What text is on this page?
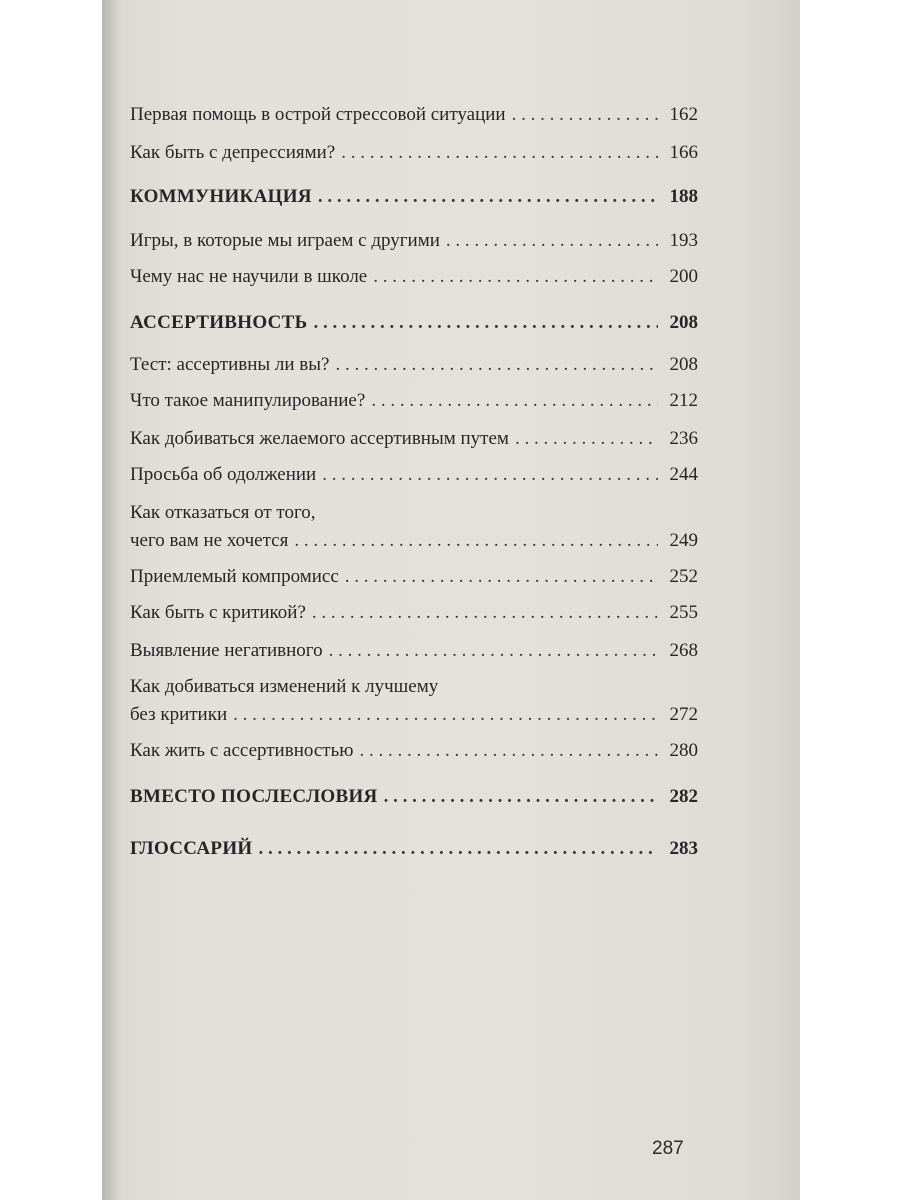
Первая помощь в острой стрессовой ситуации . . .	162
Как быть с депрессиями? . . .	166
КОММУНИКАЦИЯ . . .	188
Игры, в которые мы играем с другими . . .	193
Чему нас не научили в школе . . .	200
АССЕРТИВНОСТЬ . . .	208
Тест: ассертивны ли вы? . . .	208
Что такое манипулирование? . . .	212
Как добиваться желаемого ассертивным путем . . .	236
Просьба об одолжении . . .	244
Как отказаться от того,
чего вам не хочется . . .	249
Приемлемый компромисс . . .	252
Как быть с критикой? . . .	255
Выявление негативного . . .	268
Как добиваться изменений к лучшему
без критики . . .	272
Как жить с ассертивностью . . .	280
ВМЕСТО ПОСЛЕСЛОВИЯ . . .	282
ГЛОССАРИЙ . . .	283
287
